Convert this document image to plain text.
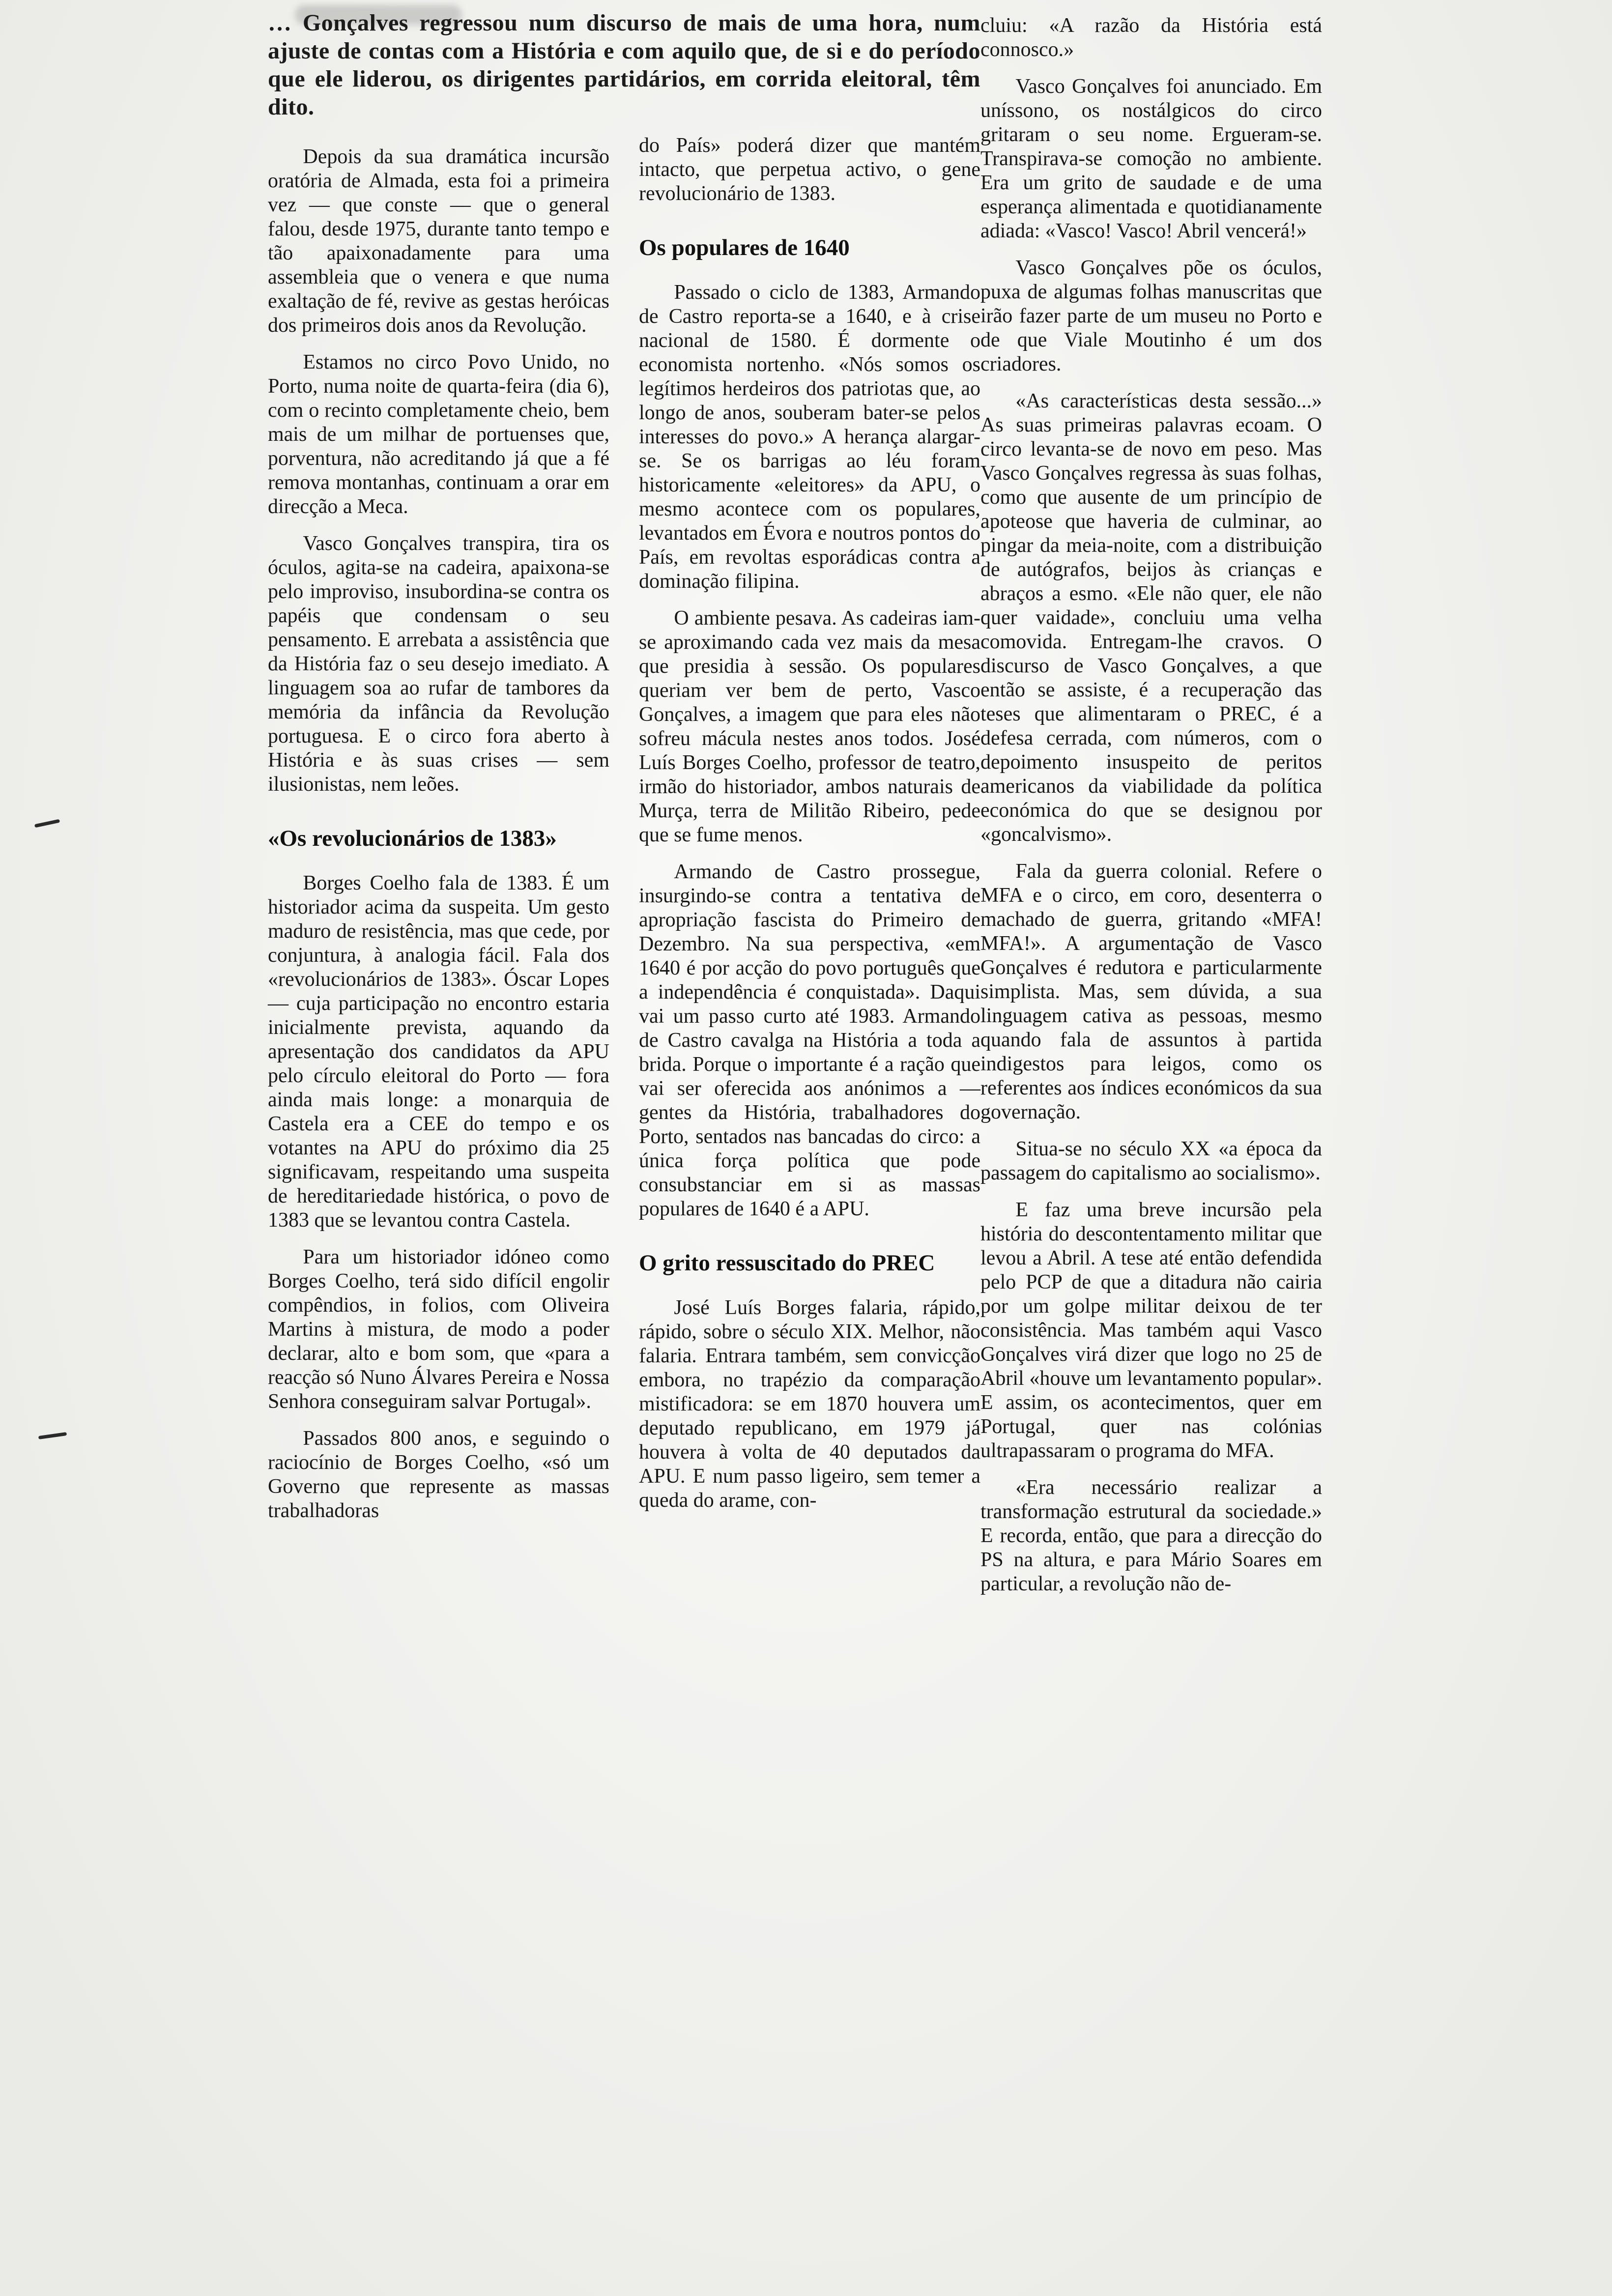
… Gonçalves regressou num discurso de mais de uma hora, num ajuste de contas com a História e com aquilo que, de si e do período que ele liderou, os dirigentes partidários, em corrida eleitoral, têm dito.

Depois da sua dramática incursão oratória de Almada, esta foi a primeira vez — que conste — que o general falou, desde 1975, durante tanto tempo e tão apaixonadamente para uma assembleia que o venera e que numa exaltação de fé, revive as gestas heróicas dos primeiros dois anos da Revolução.

Estamos no circo Povo Unido, no Porto, numa noite de quarta-feira (dia 6), com o recinto completamente cheio, bem mais de um milhar de portuenses que, porventura, não acreditando já que a fé remova montanhas, continuam a orar em direcção a Meca.

Vasco Gonçalves transpira, tira os óculos, agita-se na cadeira, apaixona-se pelo improviso, insubordina-se contra os papéis que condensam o seu pensamento. E arrebata a assistência que da História faz o seu desejo imediato. A linguagem soa ao rufar de tambores da memória da infância da Revolução portuguesa. E o circo fora aberto à História e às suas crises — sem ilusionistas, nem leões.

«Os revolucionários de 1383»

Borges Coelho fala de 1383. É um historiador acima da suspeita. Um gesto maduro de resistência, mas que cede, por conjuntura, à analogia fácil. Fala dos «revolucionários de 1383». Óscar Lopes — cuja participação no encontro estaria inicialmente prevista, aquando da apresentação dos candidatos da APU pelo círculo eleitoral do Porto — fora ainda mais longe: a monarquia de Castela era a CEE do tempo e os votantes na APU do próximo dia 25 significavam, respeitando uma suspeita de hereditariedade histórica, o povo de 1383 que se levantou contra Castela.

Para um historiador idóneo como Borges Coelho, terá sido difícil engolir compêndios, in folios, com Oliveira Martins à mistura, de modo a poder declarar, alto e bom som, que «para a reacção só Nuno Álvares Pereira e Nossa Senhora conseguiram salvar Portugal».

Passados 800 anos, e seguindo o raciocínio de Borges Coelho, «só um Governo que represente as massas trabalhadoras

do País» poderá dizer que mantém intacto, que perpetua activo, o gene revolucionário de 1383.

Os populares de 1640

Passado o ciclo de 1383, Armando de Castro reporta-se a 1640, e à crise nacional de 1580. É dormente o economista nortenho. «Nós somos os legítimos herdeiros dos patriotas que, ao longo de anos, souberam bater-se pelos interesses do povo.» A herança alargar-se. Se os barrigas ao léu foram historicamente «eleitores» da APU, o mesmo acontece com os populares, levantados em Évora e noutros pontos do País, em revoltas esporádicas contra a dominação filipina.

O ambiente pesava. As cadeiras iam-se aproximando cada vez mais da mesa que presidia à sessão. Os populares queriam ver bem de perto, Vasco Gonçalves, a imagem que para eles não sofreu mácula nestes anos todos. José Luís Borges Coelho, professor de teatro, irmão do historiador, ambos naturais de Murça, terra de Militão Ribeiro, pede que se fume menos.

Armando de Castro prossegue, insurgindo-se contra a tentativa de apropriação fascista do Primeiro de Dezembro. Na sua perspectiva, «em 1640 é por acção do povo português que a independência é conquistada». Daqui vai um passo curto até 1983. Armando de Castro cavalga na História a toda a brida. Porque o importante é a ração que vai ser oferecida aos anónimos a — gentes da História, trabalhadores do Porto, sentados nas bancadas do circo: a única força política que pode consubstanciar em si as massas populares de 1640 é a APU.

O grito ressuscitado do PREC

José Luís Borges falaria, rápido, rápido, sobre o século XIX. Melhor, não falaria. Entrara também, sem convicção embora, no trapézio da comparação mistificadora: se em 1870 houvera um deputado republicano, em 1979 já houvera à volta de 40 deputados da APU. E num passo ligeiro, sem temer a queda do arame, con-

cluiu: «A razão da História está connosco.»

Vasco Gonçalves foi anunciado. Em uníssono, os nostálgicos do circo gritaram o seu nome. Ergueram-se. Transpirava-se comoção no ambiente. Era um grito de saudade e de uma esperança alimentada e quotidianamente adiada: «Vasco! Vasco! Abril vencerá!»

Vasco Gonçalves põe os óculos, puxa de algumas folhas manuscritas que irão fazer parte de um museu no Porto e de que Viale Moutinho é um dos criadores.

«As características desta sessão...» As suas primeiras palavras ecoam. O circo levanta-se de novo em peso. Mas Vasco Gonçalves regressa às suas folhas, como que ausente de um princípio de apoteose que haveria de culminar, ao pingar da meia-noite, com a distribuição de autógrafos, beijos às crianças e abraços a esmo. «Ele não quer, ele não quer vaidade», concluiu uma velha comovida. Entregam-lhe cravos. O discurso de Vasco Gonçalves, a que então se assiste, é a recuperação das teses que alimentaram o PREC, é a defesa cerrada, com números, com o depoimento insuspeito de peritos americanos da viabilidade da política económica do que se designou por «goncalvismo».

Fala da guerra colonial. Refere o MFA e o circo, em coro, desenterra o machado de guerra, gritando «MFA! MFA!». A argumentação de Vasco Gonçalves é redutora e particularmente simplista. Mas, sem dúvida, a sua linguagem cativa as pessoas, mesmo quando fala de assuntos à partida indigestos para leigos, como os referentes aos índices económicos da sua governação.

Situa-se no século XX «a época da passagem do capitalismo ao socialismo».

E faz uma breve incursão pela história do descontentamento militar que levou a Abril. A tese até então defendida pelo PCP de que a ditadura não cairia por um golpe militar deixou de ter consistência. Mas também aqui Vasco Gonçalves virá dizer que logo no 25 de Abril «houve um levantamento popular». E assim, os acontecimentos, quer em Portugal, quer nas colónias ultrapassaram o programa do MFA.

«Era necessário realizar a transformação estrutural da sociedade.» E recorda, então, que para a direcção do PS na altura, e para Mário Soares em particular, a revolução não de-
